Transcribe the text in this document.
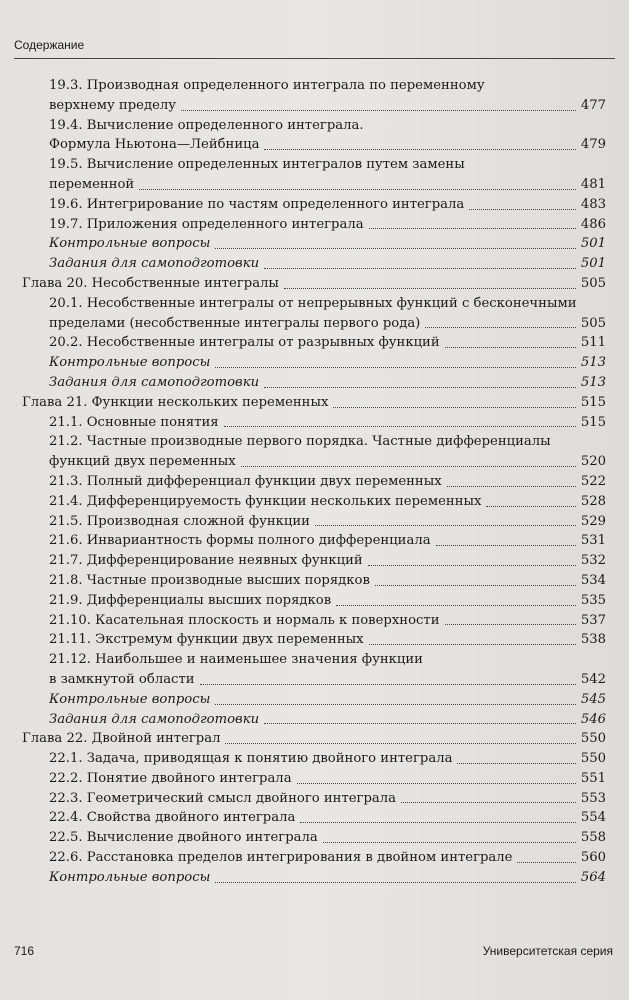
Содержание
19.3. Производная определенного интеграла по переменному
верхнему пределу	477
19.4. Вычисление определенного интеграла.
Формула Ньютона—Лейбница	479
19.5. Вычисление определенных интегралов путем замены
переменной	481
19.6. Интегрирование по частям определенного интеграла	483
19.7. Приложения определенного интеграла	486
Контрольные вопросы	501
Задания для самоподготовки	501
Глава 20. Несобственные интегралы	505
20.1. Несобственные интегралы от непрерывных функций с бесконечными
пределами (несобственные интегралы первого рода)	505
20.2. Несобственные интегралы от разрывных функций	511
Контрольные вопросы	513
Задания для самоподготовки	513
Глава 21. Функции нескольких переменных	515
21.1. Основные понятия	515
21.2. Частные производные первого порядка. Частные дифференциалы
функций двух переменных	520
21.3. Полный дифференциал функции двух переменных	522
21.4. Дифференцируемость функции нескольких переменных	528
21.5. Производная сложной функции	529
21.6. Инвариантность формы полного дифференциала	531
21.7. Дифференцирование неявных функций	532
21.8. Частные производные высших порядков	534
21.9. Дифференциалы высших порядков	535
21.10. Касательная плоскость и нормаль к поверхности	537
21.11. Экстремум функции двух переменных	538
21.12. Наибольшее и наименьшее значения функции
в замкнутой области	542
Контрольные вопросы	545
Задания для самоподготовки	546
Глава 22. Двойной интеграл	550
22.1. Задача, приводящая к понятию двойного интеграла	550
22.2. Понятие двойного интеграла	551
22.3. Геометрический смысл двойного интеграла	553
22.4. Свойства двойного интеграла	554
22.5. Вычисление двойного интеграла	558
22.6. Расстановка пределов интегрирования в двойном интеграле	560
Контрольные вопросы	564
716	Университетская серия
